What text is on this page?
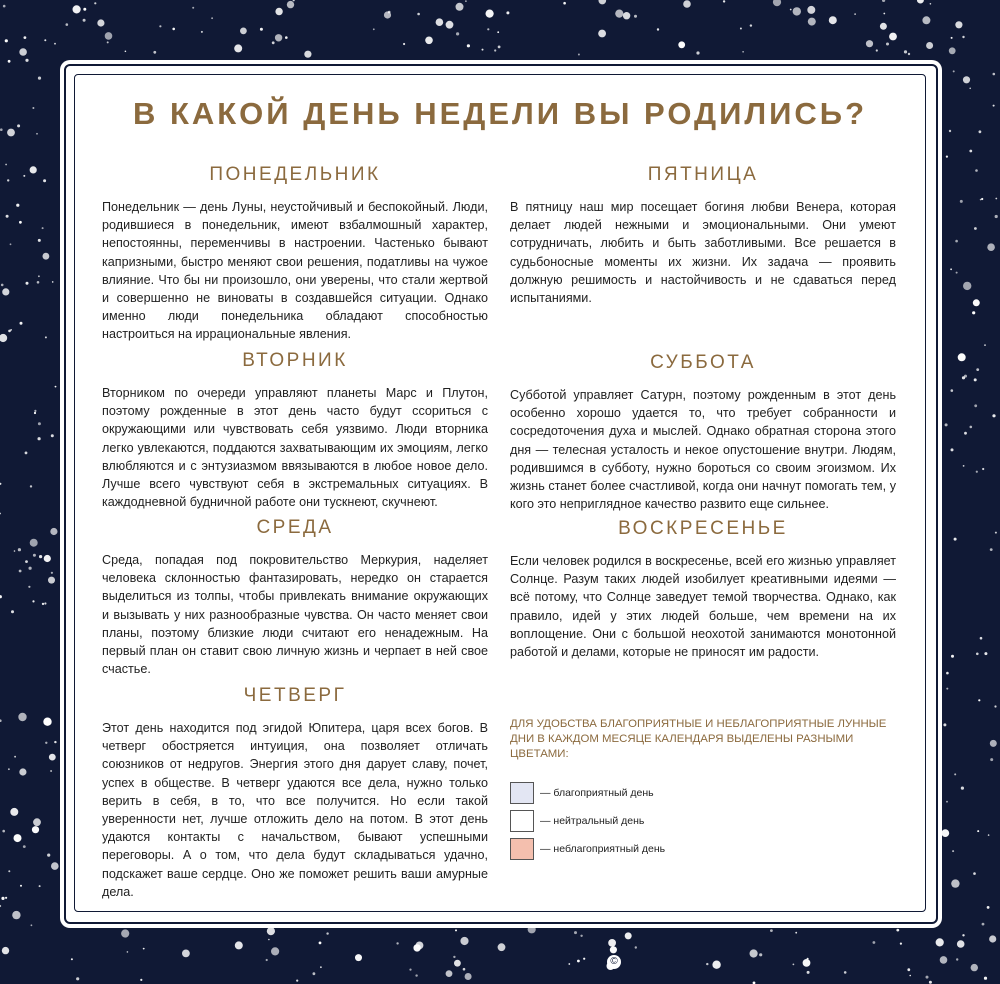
В КАКОЙ ДЕНЬ НЕДЕЛИ ВЫ РОДИЛИСЬ?
ПОНЕДЕЛЬНИК

Понедельник — день Луны, неустойчивый и беспокойный. Люди, родившиеся в понедельник, имеют взбалмошный характер, непостоянны, переменчивы в настроении. Частенько бывают капризными, быстро меняют свои решения, податливы на чужое влияние. Что бы ни произошло, они уверены, что стали жертвой и совершенно не виноваты в создавшейся ситуации. Однако именно люди понедельника обладают способностью настроиться на иррациональные явления.

ВТОРНИК

Вторником по очереди управляют планеты Марс и Плутон, поэтому рожденные в этот день часто будут ссориться с окружающими или чувствовать себя уязвимо. Люди вторника легко увлекаются, поддаются захватывающим их эмоциям, легко влюбляются и с энтузиазмом ввязываются в любое новое дело. Лучше всего чувствуют себя в экстремальных ситуациях. В каждодневной будничной работе они тускнеют, скучнеют.

СРЕДА

Среда, попадая под покровительство Меркурия, наделяет человека склонностью фантазировать, нередко он старается выделиться из толпы, чтобы привлекать внимание окружающих и вызывать у них разнообразные чувства. Он часто меняет свои планы, поэтому близкие люди считают его ненадежным. На первый план он ставит свою личную жизнь и черпает в ней свое счастье.

ЧЕТВЕРГ

Этот день находится под эгидой Юпитера, царя всех богов. В четверг обостряется интуиция, она позволяет отличать союзников от недругов. Энергия этого дня дарует славу, почет, успех в обществе. В четверг удаются все дела, нужно только верить в себя, в то, что все получится. Но если такой уверенности нет, лучше отложить дело на потом. В этот день удаются контакты с начальством, бывают успешными переговоры. А о том, что дела будут складываться удачно, подскажет ваше сердце. Оно же поможет решить ваши амурные дела.

ПЯТНИЦА

В пятницу наш мир посещает богиня любви Венера, которая делает людей нежными и эмоциональными. Они умеют сотрудничать, любить и быть заботливыми. Все решается в судьбоносные моменты их жизни. Их задача — проявить должную решимость и настойчивость и не сдаваться перед испытаниями.

СУББОТА

Субботой управляет Сатурн, поэтому рожденным в этот день особенно хорошо удается то, что требует собранности и сосредоточения духа и мыслей. Однако обратная сторона этого дня — телесная усталость и некое опустошение внутри. Людям, родившимся в субботу, нужно бороться со своим эгоизмом. Их жизнь станет более счастливой, когда они начнут помогать тем, у кого это неприглядное качество развито еще сильнее.

ВОСКРЕСЕНЬЕ

Если человек родился в воскресенье, всей его жизнью управляет Солнце. Разум таких людей изобилует креативными идеями — всё потому, что Солнце заведует темой творчества. Однако, как правило, идей у этих людей больше, чем времени на их воплощение. Они с большой неохотой занимаются монотонной работой и делами, которые не приносят им радости.

ДЛЯ УДОБСТВА БЛАГОПРИЯТНЫЕ И НЕБЛАГОПРИЯТНЫЕ ЛУННЫЕ ДНИ В КАЖДОМ МЕСЯЦЕ КАЛЕНДАРЯ ВЫДЕЛЕНЫ РАЗНЫМИ ЦВЕТАМИ:
— благоприятный день
— нейтральный день
— неблагоприятный день
©
